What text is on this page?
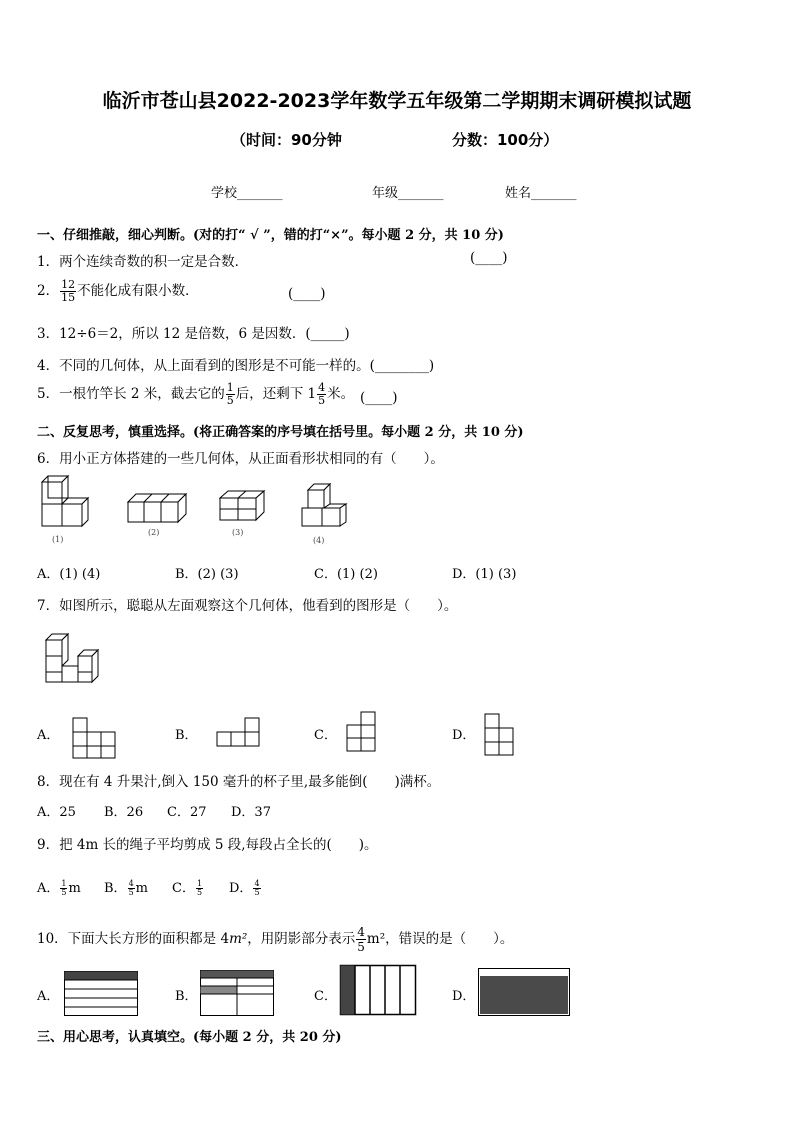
临沂市苍山县2022-2023学年数学五年级第二学期期末调研模拟试题
（时间：90分钟	分数：100分）
学校_______	年级_______	姓名_______
一、仔细推敲，细心判断。(对的打“ √ ”，错的打“×”。每小题 2 分，共 10 分)
1．两个连续奇数的积一定是合数．	(____)
2． $\frac{12}{15}$ 不能化成有限小数．	(____)
3．12÷6＝2，所以 12 是倍数，6 是因数．(_____)
4．不同的几何体，从上面看到的图形是不可能一样的。(________)
5．一根竹竿长 2 米，截去它的 $\frac{1}{5}$ 后，还剩下 $1 \frac{4}{5}$ 米。 (____)
二、反复思考，慎重选择。(将正确答案的序号填在括号里。每小题 2 分，共 10 分)
6．用小正方体搭建的一些几何体，从正面看形状相同的有（　　）。
(1)
(2)	(3)
(4)
A．(1) (4)	B．(2) (3)	C．(1) (2)	D．(1) (3)
7．如图所示，聪聪从左面观察这个几何体，他看到的图形是（　　）。
A．	B．	C．	D．
8．现在有 4 升果汁,倒入 150 毫升的杯子里,最多能倒(　　)满杯。
A．25 B．26 C．27 D．37
9．把 4m 长的绳子平均剪成 5 段,每段占全长的(　　)。
A． $\frac{1}{5}$ m B． $\frac{4}{5}$ m C． $\frac{1}{5}$ D． $\frac{4}{5}$
10．下面大长方形的面积都是 4m²，用阴影部分表示 $\frac{4}{5} m^2$，错误的是（　　）。
A．	B．	C．	D．
三、用心思考，认真填空。(每小题 2 分，共 20 分)
